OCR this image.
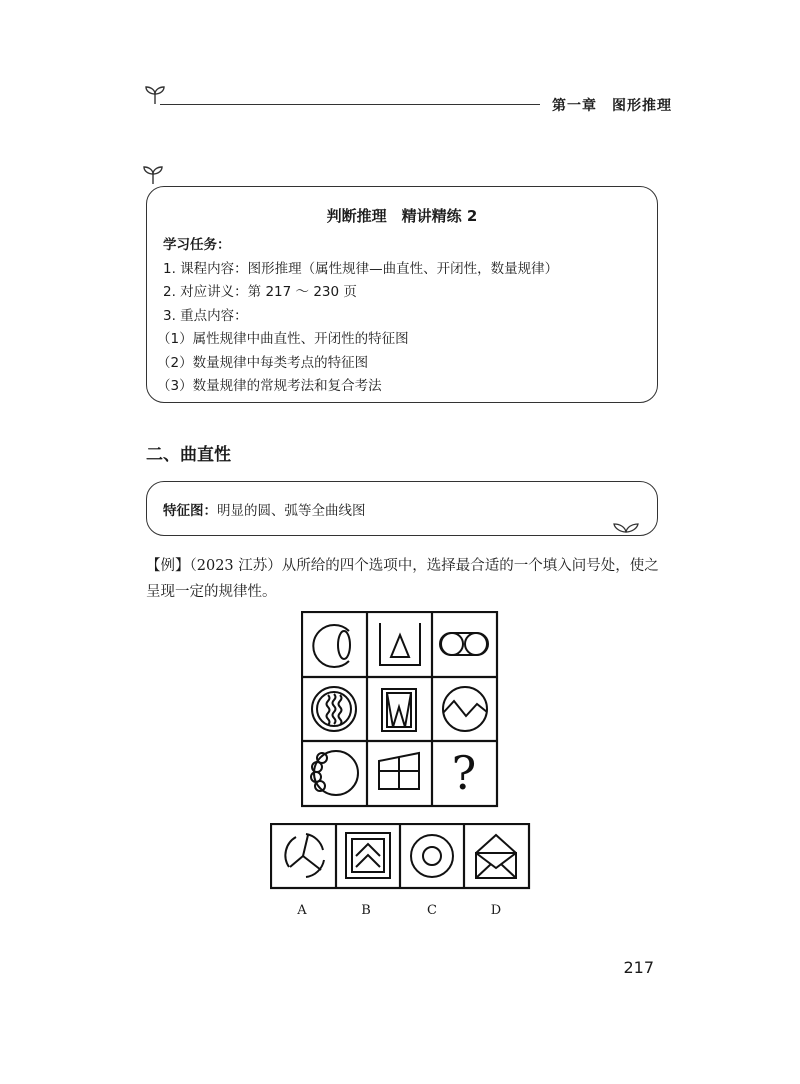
第一章　图形推理
判断推理　精讲精练 2
学习任务：
1. 课程内容：图形推理（属性规律—曲直性、开闭性，数量规律）
2. 对应讲义：第 217 ～ 230 页
3. 重点内容：
（1）属性规律中曲直性、开闭性的特征图
（2）数量规律中每类考点的特征图
（3）数量规律的常规考法和复合考法
二、曲直性
特征图：明显的圆、弧等全曲线图
【例】（2023 江苏）从所给的四个选项中，选择最合适的一个填入问号处，使之
呈现一定的规律性。
?
A	B	C	D
217
